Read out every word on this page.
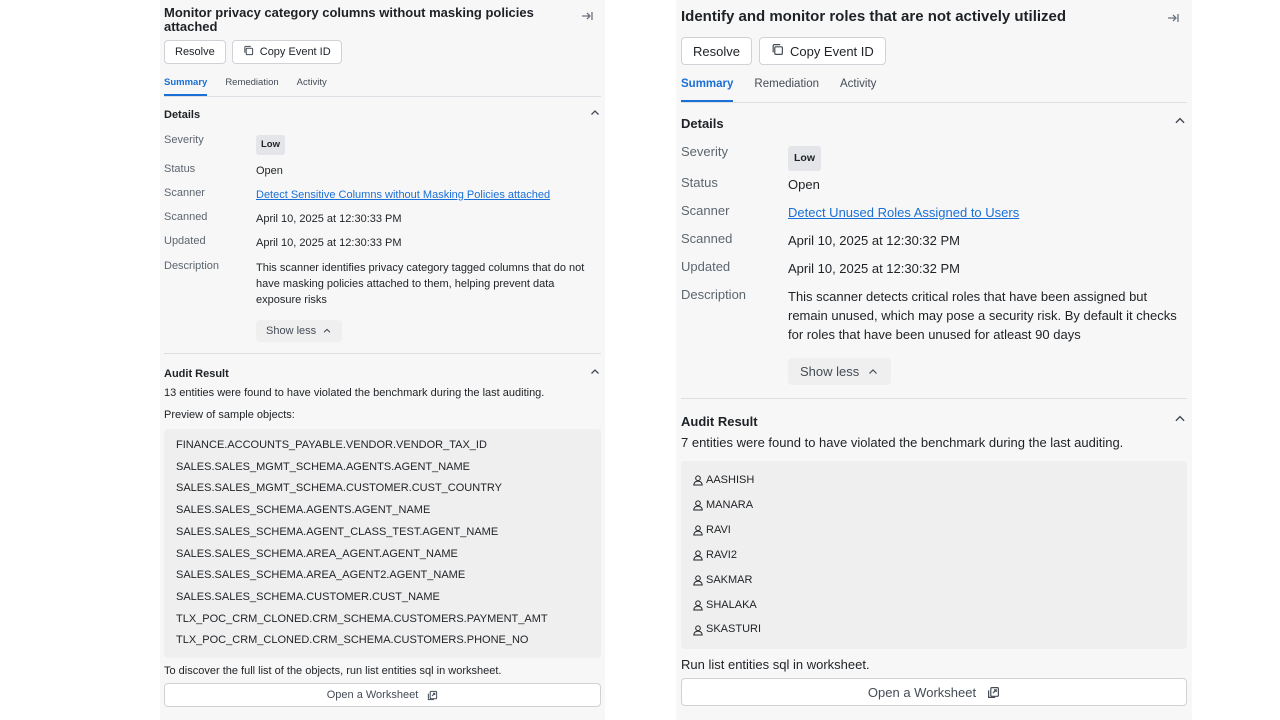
Monitor privacy category columns without masking policies attached
Resolve	Copy Event ID
Summary Remediation Activity
Details
Severity	Low
Status	Open
Scanner	Detect Sensitive Columns without Masking Policies attached
Scanned	April 10, 2025 at 12:30:33 PM
Updated	April 10, 2025 at 12:30:33 PM
Description	This scanner identifies privacy category tagged columns that do not have masking policies attached to them, helping prevent data exposure risks
Show less
Audit Result
13 entities were found to have violated the benchmark during the last auditing.
Preview of sample objects:
FINANCE.ACCOUNTS_PAYABLE.VENDOR.VENDOR_TAX_ID
SALES.SALES_MGMT_SCHEMA.AGENTS.AGENT_NAME
SALES.SALES_MGMT_SCHEMA.CUSTOMER.CUST_COUNTRY
SALES.SALES_SCHEMA.AGENTS.AGENT_NAME
SALES.SALES_SCHEMA.AGENT_CLASS_TEST.AGENT_NAME
SALES.SALES_SCHEMA.AREA_AGENT.AGENT_NAME
SALES.SALES_SCHEMA.AREA_AGENT2.AGENT_NAME
SALES.SALES_SCHEMA.CUSTOMER.CUST_NAME
TLX_POC_CRM_CLONED.CRM_SCHEMA.CUSTOMERS.PAYMENT_AMT
TLX_POC_CRM_CLONED.CRM_SCHEMA.CUSTOMERS.PHONE_NO
To discover the full list of the objects, run list entities sql in worksheet.
Open a Worksheet
Identify and monitor roles that are not actively utilized
Resolve	Copy Event ID
Summary Remediation Activity
Details
Severity	Low
Status	Open
Scanner	Detect Unused Roles Assigned to Users
Scanned	April 10, 2025 at 12:30:32 PM
Updated	April 10, 2025 at 12:30:32 PM
Description	This scanner detects critical roles that have been assigned but remain unused, which may pose a security risk. By default it checks for roles that have been unused for atleast 90 days
Show less
Audit Result
7 entities were found to have violated the benchmark during the last auditing.
AASHISH
MANARA
RAVI
RAVI2
SAKMAR
SHALAKA
SKASTURI
Run list entities sql in worksheet.
Open a Worksheet
